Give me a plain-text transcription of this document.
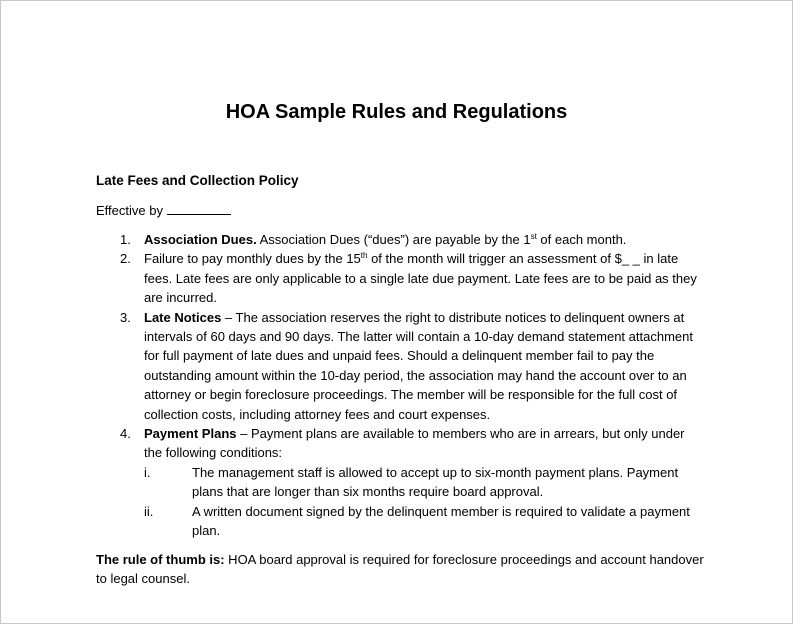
HOA Sample Rules and Regulations
Late Fees and Collection Policy
Effective by
1. Association Dues. Association Dues (“dues”) are payable by the 1st of each month.
2. Failure to pay monthly dues by the 15th of the month will trigger an assessment of $_ _ in late fees. Late fees are only applicable to a single late due payment. Late fees are to be paid as they are incurred.
3. Late Notices – The association reserves the right to distribute notices to delinquent owners at intervals of 60 days and 90 days. The latter will contain a 10-day demand statement attachment for full payment of late dues and unpaid fees. Should a delinquent member fail to pay the outstanding amount within the 10-day period, the association may hand the account over to an attorney or begin foreclosure proceedings. The member will be responsible for the full cost of collection costs, including attorney fees and court expenses.
4. Payment Plans – Payment plans are available to members who are in arrears, but only under the following conditions:
i.	The management staff is allowed to accept up to six-month payment plans. Payment plans that are longer than six months require board approval.
ii.	A written document signed by the delinquent member is required to validate a payment plan.
The rule of thumb is: HOA board approval is required for foreclosure proceedings and account handover to legal counsel.
